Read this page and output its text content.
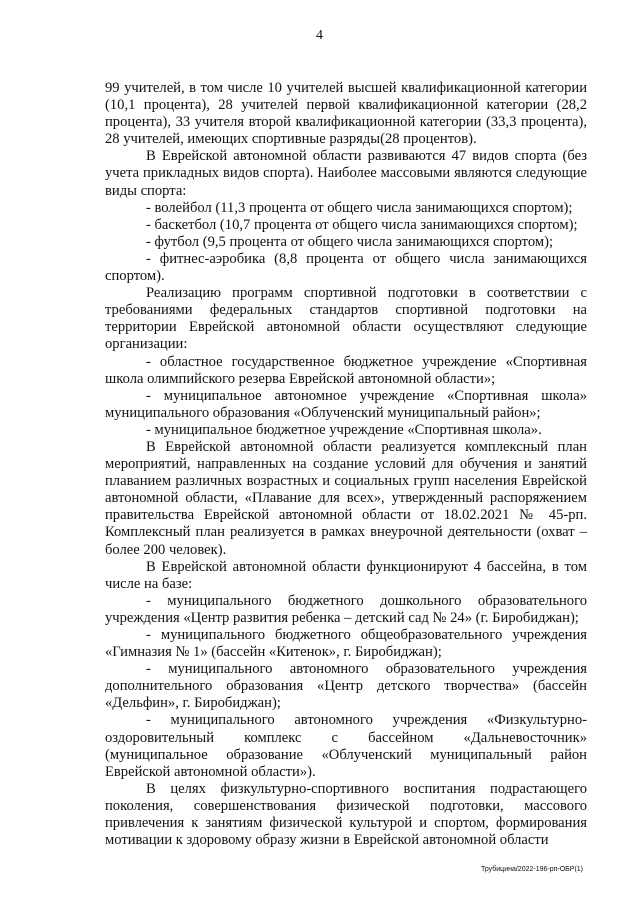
4

99 учителей, в том числе 10 учителей высшей квалификационной категории (10,1 процента), 28 учителей первой квалификационной категории (28,2 процента), 33 учителя второй квалификационной категории (33,3 процента), 28 учителей, имеющих спортивные разряды(28 процентов).

В Еврейской автономной области развиваются 47 видов спорта (без учета прикладных видов спорта). Наиболее массовыми являются следующие виды спорта:

- волейбол (11,3 процента от общего числа занимающихся спортом);

- баскетбол (10,7 процента от общего числа занимающихся спортом);

- футбол (9,5 процента от общего числа занимающихся спортом);

- фитнес-аэробика (8,8 процента от общего числа занимающихся спортом).

Реализацию программ спортивной подготовки в соответствии с требованиями федеральных стандартов спортивной подготовки на территории Еврейской автономной области осуществляют следующие организации:

- областное государственное бюджетное учреждение «Спортивная школа олимпийского резерва Еврейской автономной области»;

- муниципальное автономное учреждение «Спортивная школа» муниципального образования «Облученский муниципальный район»;

- муниципальное бюджетное учреждение «Спортивная школа».

В Еврейской автономной области реализуется комплексный план мероприятий, направленных на создание условий для обучения и занятий плаванием различных возрастных и социальных групп населения Еврейской автономной области, «Плавание для всех», утвержденный распоряжением правительства Еврейской автономной области от 18.02.2021 № 45-рп. Комплексный план реализуется в рамках внеурочной деятельности (охват – более 200 человек).

В Еврейской автономной области функционируют 4 бассейна, в том числе на базе:

- муниципального бюджетного дошкольного образовательного учреждения «Центр развития ребенка – детский сад № 24» (г. Биробиджан);

- муниципального бюджетного общеобразовательного учреждения «Гимназия № 1» (бассейн «Китенок», г. Биробиджан);

- муниципального автономного образовательного учреждения дополнительного образования «Центр детского творчества» (бассейн «Дельфин», г. Биробиджан);

- муниципального автономного учреждения «Физкультурно-оздоровительный комплекс с бассейном «Дальневосточник» (муниципальное образование «Облученский муниципальный район Еврейской автономной области»).

В целях физкультурно-спортивного воспитания подрастающего поколения, совершенствования физической подготовки, массового привлечения к занятиям физической культурой и спортом, формирования мотивации к здоровому образу жизни в Еврейской автономной области

Трубицина/2022-196-рп-ОБР(1)
